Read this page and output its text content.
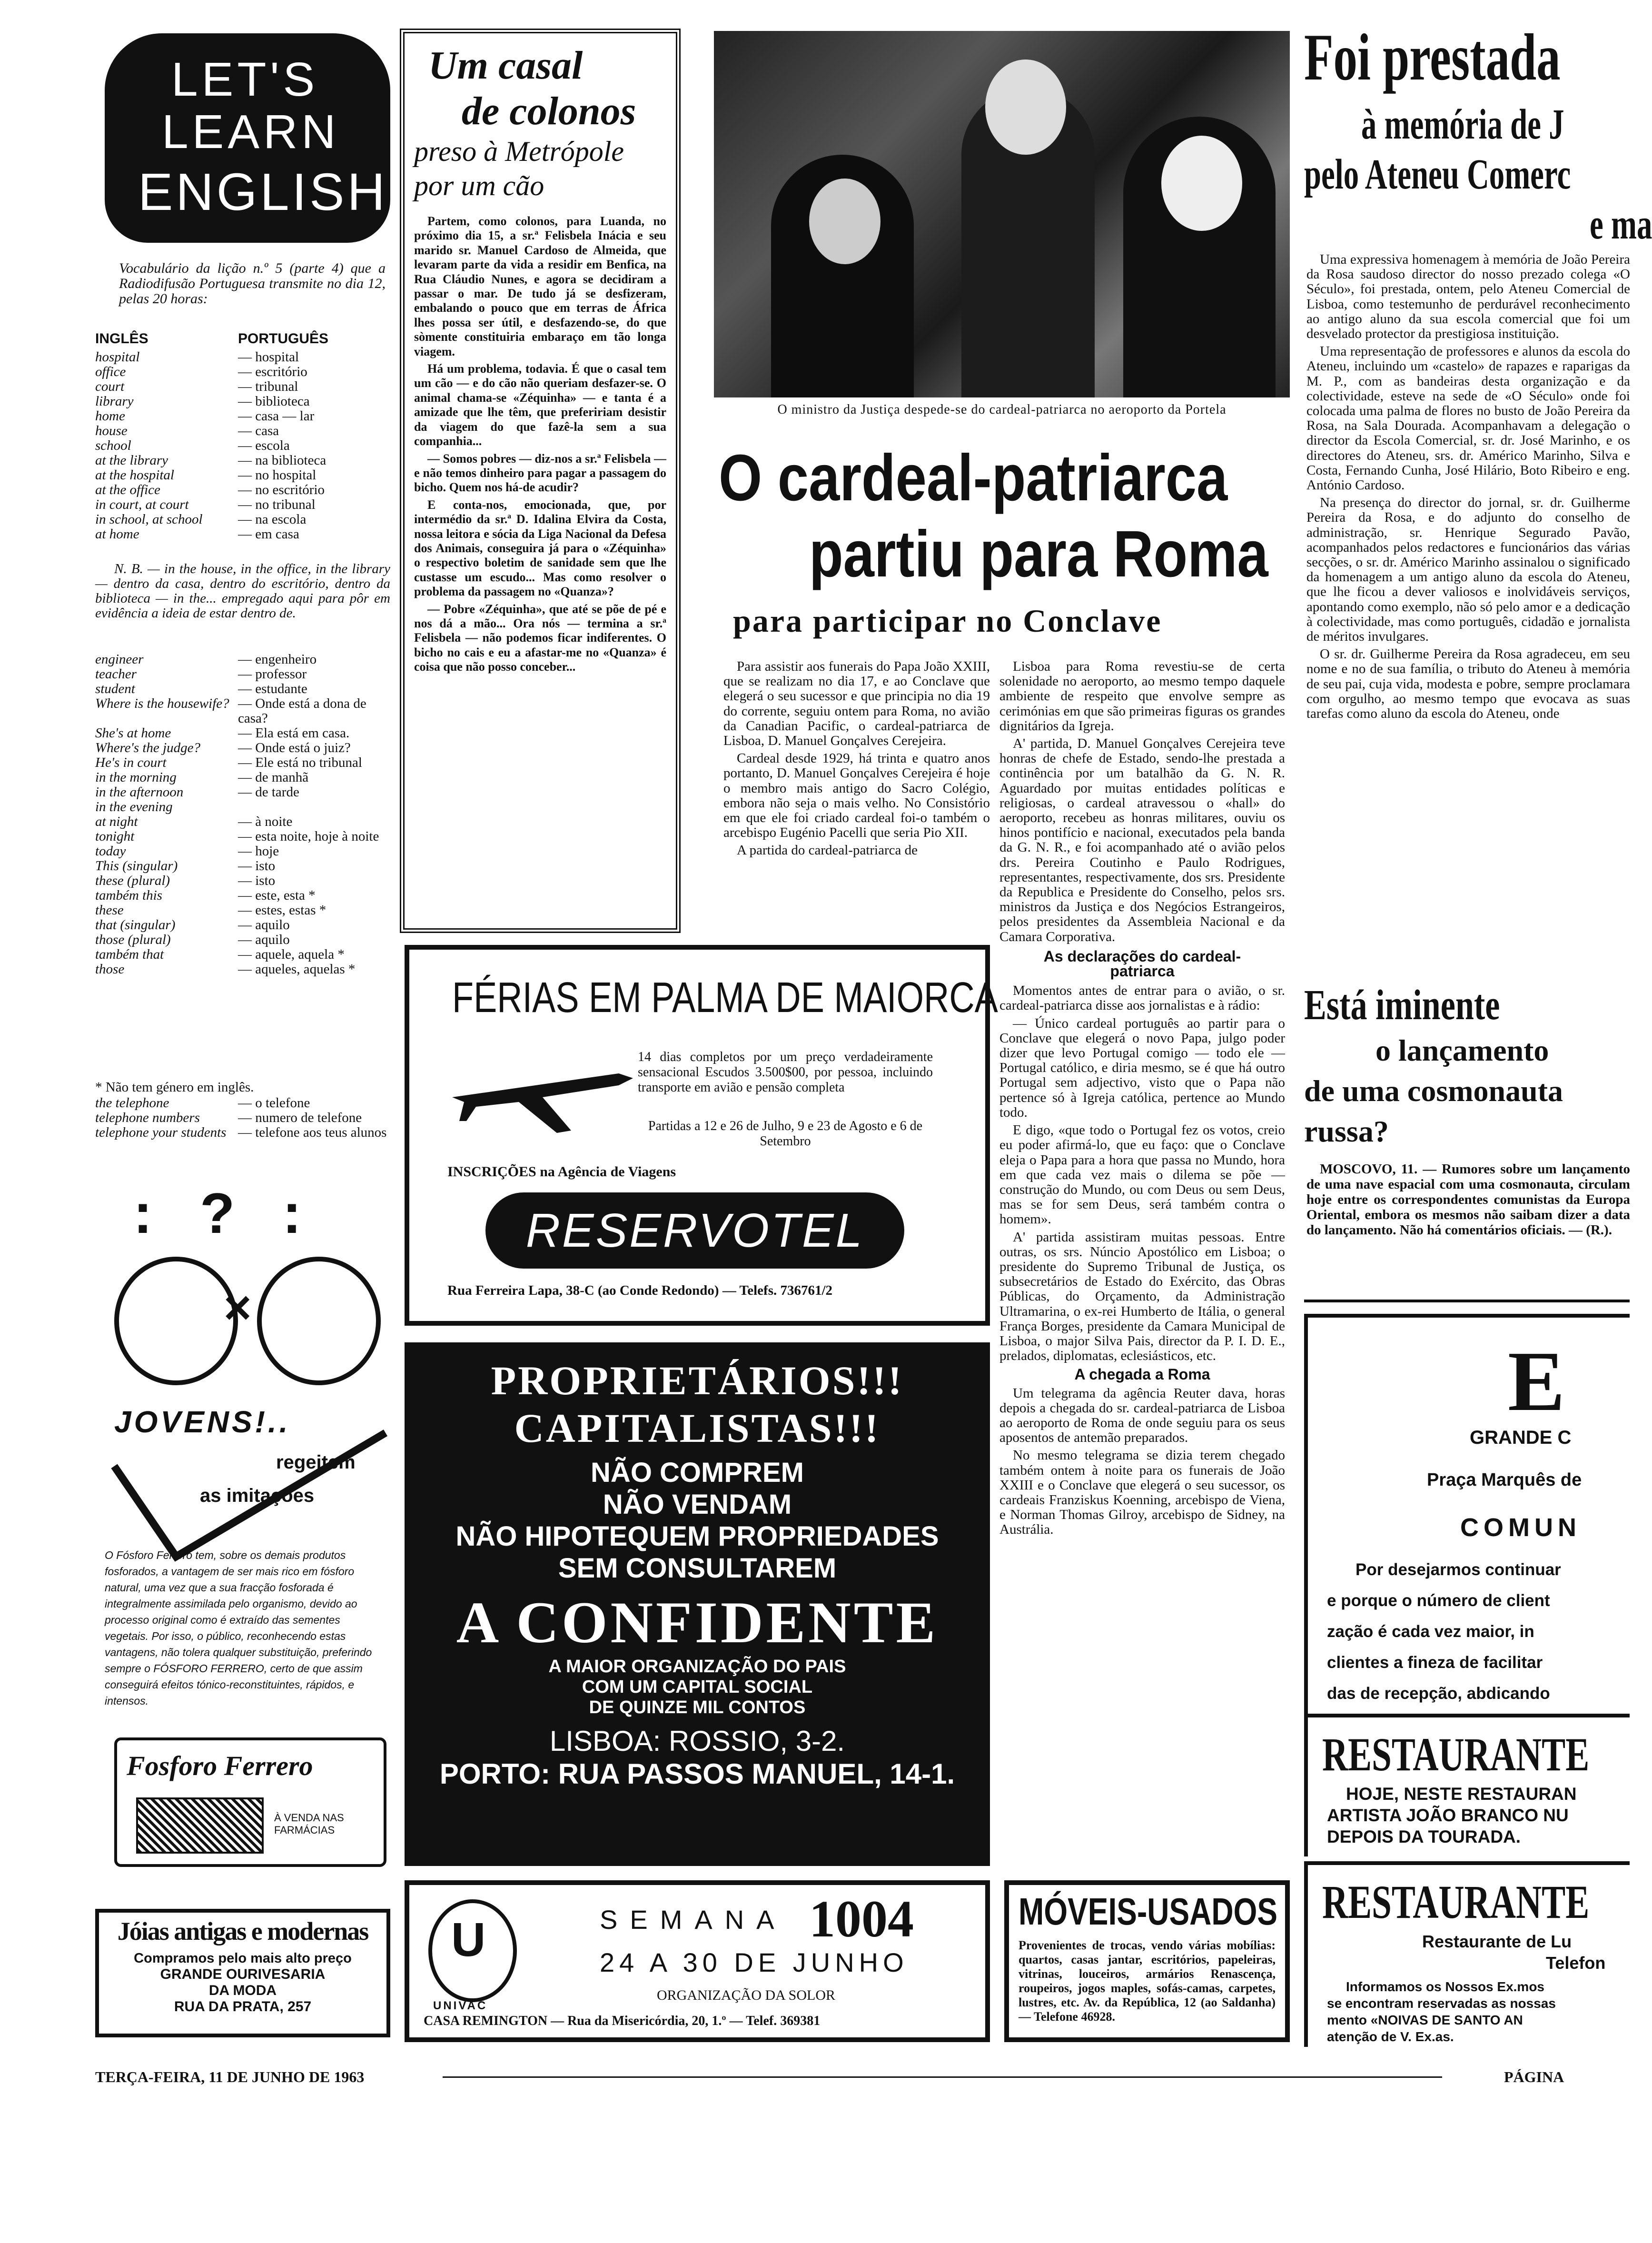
LET'S
LEARN
ENGLISH
Vocabulário da lição n.º 5 (parte 4) que a Radiodifusão Portuguesa transmite no dia 12, pelas 20 horas:
INGLÊS	PORTUGUÊS
hospital	— hospital
office	— escritório
court	— tribunal
library	— biblioteca
home	— casa — lar
house	— casa
school	— escola
at the library	— na biblioteca
at the hospital	— no hospital
at the office	— no escritório
in court, at court	— no tribunal
in school, at school	— na escola
at home	— em casa
N. B. — in the house, in the office, in the library — dentro da casa, dentro do escritório, dentro da biblioteca — in the... empregado aqui para pôr em evidência a ideia de estar dentro de.
engineer	— engenheiro
teacher	— professor
student	— estudante
Where is the housewife? — Onde está a dona de casa?
She's at home	— Ela está em casa.
Where's the judge?	— Onde está o juiz?
He's in court	— Ele está no tribunal
in the morning	— de manhã
in the afternoon	— de tarde
in the evening
at night	— à noite
tonight	— esta noite, hoje à noite
today	— hoje
This (singular)	— isto
these (plural)	— isto
também this	— este, esta *
these	— estes, estas *
that (singular)	— aquilo
those (plural)	— aquilo
também that	— aquele, aquela *
those	— aqueles, aquelas *
* Não tem género em inglês.
the telephone	— o telefone
telephone numbers	— numero de telefone
telephone your students — telefone aos teus alunos
:   ?   :
×
JOVENS!..
regeitem
as imitações
O Fósforo Ferrero tem, sobre os demais produtos fosforados, a vantagem de ser mais rico em fósforo natural, uma vez que a sua fracção fosforada é integralmente assimilada pelo organismo, devido ao processo original como é extraído das sementes vegetais. Por isso, o público, reconhecendo estas vantagens, não tolera qualquer substituição, preferindo sempre o FÓSFORO FERRERO, certo de que assim conseguirá efeitos tónico-reconstituintes, rápidos, e intensos.
Fosforo Ferrero
À VENDA NAS FARMÁCIAS
Jóias antigas e modernas
Compramos pelo mais alto preço
GRANDE OURIVESARIA
DA MODA
RUA DA PRATA, 257
Um casal
de colonos
preso à Metrópole
por um cão

Partem, como colonos, para Luanda, no próximo dia 15, a sr.ª Felisbela Inácia e seu marido sr. Manuel Cardoso de Almeida, que levaram parte da vida a residir em Benfica, na Rua Cláudio Nunes, e agora se decidiram a passar o mar. De tudo já se desfizeram, embalando o pouco que em terras de África lhes possa ser útil, e desfazendo-se, do que sòmente constituiria embaraço em tão longa viagem.

Há um problema, todavia. É que o casal tem um cão — e do cão não queriam desfazer-se. O animal chama-se «Zéquinha» — e tanta é a amizade que lhe têm, que prefeririam desistir da viagem do que fazê-la sem a sua companhia...

— Somos pobres — diz-nos a sr.ª Felisbela — e não temos dinheiro para pagar a passagem do bicho. Quem nos há-de acudir?

E conta-nos, emocionada, que, por intermédio da sr.ª D. Idalina Elvira da Costa, nossa leitora e sócia da Liga Nacional da Defesa dos Animais, conseguira já para o «Zéquinha» o respectivo boletim de sanidade sem que lhe custasse um escudo... Mas como resolver o problema da passagem no «Quanza»?

— Pobre «Zéquinha», que até se põe de pé e nos dá a mão... Ora nós — termina a sr.ª Felisbela — não podemos ficar indiferentes. O bicho no cais e eu a afastar-me no «Quanza» é coisa que não posso conceber...

O ministro da Justiça despede-se do cardeal-patriarca no aeroporto da Portela
O cardeal-patriarca
partiu para Roma
para participar no Conclave

Para assistir aos funerais do Papa João XXIII, que se realizam no dia 17, e ao Conclave que elegerá o seu sucessor e que principia no dia 19 do corrente, seguiu ontem para Roma, no avião da Canadian Pacific, o cardeal-patriarca de Lisboa, D. Manuel Gonçalves Cerejeira.

Cardeal desde 1929, há trinta e quatro anos portanto, D. Manuel Gonçalves Cerejeira é hoje o membro mais antigo do Sacro Colégio, embora não seja o mais velho. No Consistório em que ele foi criado cardeal foi-o também o arcebispo Eugénio Pacelli que seria Pio XII.

A partida do cardeal-patriarca de

Lisboa para Roma revestiu-se de certa solenidade no aeroporto, ao mesmo tempo daquele ambiente de respeito que envolve sempre as cerimónias em que são primeiras figuras os grandes dignitários da Igreja.

A' partida, D. Manuel Gonçalves Cerejeira teve honras de chefe de Estado, sendo-lhe prestada a continência por um batalhão da G. N. R. Aguardado por muitas entidades políticas e religiosas, o cardeal atravessou o «hall» do aeroporto, recebeu as honras militares, ouviu os hinos pontifício e nacional, executados pela banda da G. N. R., e foi acompanhado até o avião pelos drs. Pereira Coutinho e Paulo Rodrigues, representantes, respectivamente, dos srs. Presidente da Republica e Presidente do Conselho, pelos srs. ministros da Justiça e dos Negócios Estrangeiros, pelos presidentes da Assembleia Nacional e da Camara Corporativa.

As declarações do cardeal-patriarca

Momentos antes de entrar para o avião, o sr. cardeal-patriarca disse aos jornalistas e à rádio:

— Único cardeal português ao partir para o Conclave que elegerá o novo Papa, julgo poder dizer que levo Portugal comigo — todo ele — Portugal católico, e diria mesmo, se é que há outro Portugal sem adjectivo, visto que o Papa não pertence só à Igreja católica, pertence ao Mundo todo.

E digo, «que todo o Portugal fez os votos, creio eu poder afirmá-lo, que eu faço: que o Conclave eleja o Papa para a hora que passa no Mundo, hora em que cada vez mais o dilema se põe — construção do Mundo, ou com Deus ou sem Deus, mas se for sem Deus, será também contra o homem».

A' partida assistiram muitas pessoas. Entre outras, os srs. Núncio Apostólico em Lisboa; o presidente do Supremo Tribunal de Justiça, os subsecretários de Estado do Exército, das Obras Públicas, do Orçamento, da Administração Ultramarina, o ex-rei Humberto de Itália, o general França Borges, presidente da Camara Municipal de Lisboa, o major Silva Pais, director da P. I. D. E., prelados, diplomatas, eclesiásticos, etc.

A chegada a Roma

Um telegrama da agência Reuter dava, horas depois a chegada do sr. cardeal-patriarca de Lisboa ao aeroporto de Roma de onde seguiu para os seus aposentos de antemão preparados.

No mesmo telegrama se dizia terem chegado também ontem à noite para os funerais de João XXIII e o Conclave que elegerá o seu sucessor, os cardeais Franziskus Koenning, arcebispo de Viena, e Norman Thomas Gilroy, arcebispo de Sidney, na Austrália.

FÉRIAS EM PALMA DE MAIORCA
14 dias completos por um preço verdadeiramente sensacional Escudos 3.500$00, por pessoa, incluindo transporte em avião e pensão completa
Partidas a 12 e 26 de Julho, 9 e 23 de Agosto e 6 de Setembro
INSCRIÇÕES na Agência de Viagens
RESERVOTEL
Rua Ferreira Lapa, 38-C (ao Conde Redondo) — Telefs. 736761/2
PROPRIETÁRIOS!!!
CAPITALISTAS!!!
NÃO COMPREM
NÃO VENDAM
NÃO HIPOTEQUEM PROPRIEDADES
SEM CONSULTAREM
A CONFIDENTE
A MAIOR ORGANIZAÇÃO DO PAIS
COM UM CAPITAL SOCIAL
DE QUINZE MIL CONTOS
LISBOA: ROSSIO, 3-2.
PORTO: RUA PASSOS MANUEL, 14-1.
U
UNIVAC
SEMANA 1004
24 A 30 DE JUNHO
ORGANIZAÇÃO DA SOLOR
CASA REMINGTON — Rua da Misericórdia, 20, 1.º — Telef. 369381
MÓVEIS-USADOS
Provenientes de trocas, vendo várias mobílias: quartos, casas jantar, escritórios, papeleiras, vitrinas, louceiros, armários Renascença, roupeiros, jogos maples, sofás-camas, carpetes, lustres, etc. Av. da República, 12 (ao Saldanha) — Telefone 46928.
Foi prestada
à memória de J
pelo Ateneu Comerc
e ma

Uma expressiva homenagem à memória de João Pereira da Rosa saudoso director do nosso prezado colega «O Século», foi prestada, ontem, pelo Ateneu Comercial de Lisboa, como testemunho de perdurável reconhecimento ao antigo aluno da sua escola comercial que foi um desvelado protector da prestigiosa instituição.

Uma representação de professores e alunos da escola do Ateneu, incluindo um «castelo» de rapazes e raparigas da M. P., com as bandeiras desta organização e da colectividade, esteve na sede de «O Século» onde foi colocada uma palma de flores no busto de João Pereira da Rosa, na Sala Dourada. Acompanhavam a delegação o director da Escola Comercial, sr. dr. José Marinho, e os directores do Ateneu, srs. dr. Américo Marinho, Silva e Costa, Fernando Cunha, José Hilário, Boto Ribeiro e eng. António Cardoso.

Na presença do director do jornal, sr. dr. Guilherme Pereira da Rosa, e do adjunto do conselho de administração, sr. Henrique Segurado Pavão, acompanhados pelos redactores e funcionários das várias secções, o sr. dr. Américo Marinho assinalou o significado da homenagem a um antigo aluno da escola do Ateneu, que lhe ficou a dever valiosos e inolvidáveis serviços, apontando como exemplo, não só pelo amor e a dedicação à colectividade, mas como português, cidadão e jornalista de méritos invulgares.

O sr. dr. Guilherme Pereira da Rosa agradeceu, em seu nome e no de sua família, o tributo do Ateneu à memória de seu pai, cuja vida, modesta e pobre, sempre proclamara com orgulho, ao mesmo tempo que evocava as suas tarefas como aluno da escola do Ateneu, onde

Está iminente
o lançamento
de uma cosmonauta
russa?
MOSCOVO, 11. — Rumores sobre um lançamento de uma nave espacial com uma cosmonauta, circulam hoje entre os correspondentes comunistas da Europa Oriental, embora os mesmos não saibam dizer a data do lançamento. Não há comentários oficiais. — (R.).
E
GRANDE C
Praça Marquês de
COMUN
Por desejarmos continuar
e porque o número de client
zação é cada vez maior, in
clientes a fineza de facilitar
das de recepção, abdicando
RESTAURANTE
HOJE, NESTE RESTAURAN
ARTISTA JOÃO BRANCO NU
DEPOIS DA TOURADA.
RESTAURANTE
Restaurante de Lu
Telefon
Informamos os Nossos Ex.mos
se encontram reservadas as nossas
mento «NOIVAS DE SANTO AN
atenção de V. Ex.as.
TERÇA-FEIRA, 11 DE JUNHO DE 1963	PÁGINA
